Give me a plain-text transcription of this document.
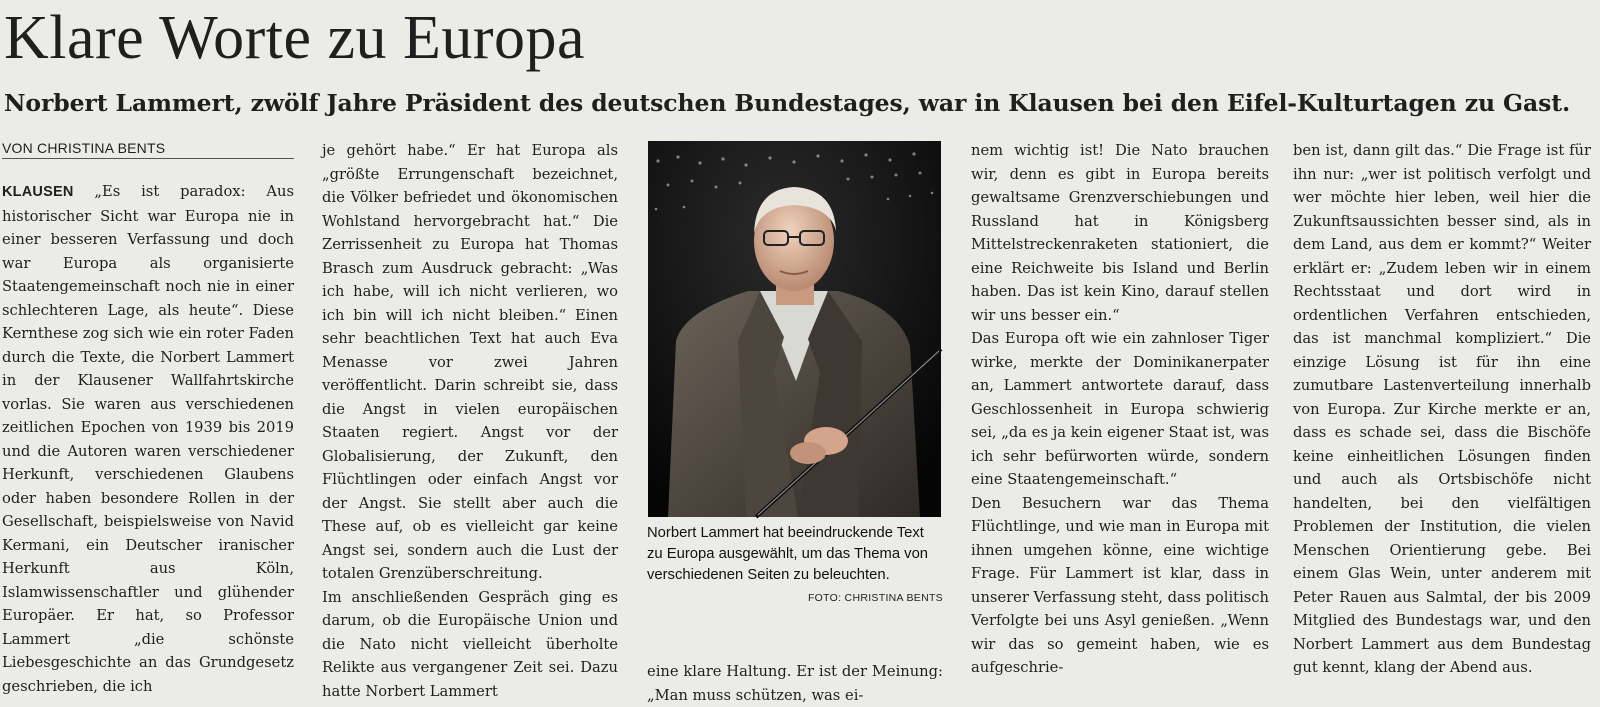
Klare Worte zu Europa
Norbert Lammert, zwölf Jahre Präsident des deutschen Bundestages, war in Klausen bei den Eifel-Kulturtagen zu Gast.
VON CHRISTINA BENTS

KLAUSEN „Es ist paradox: Aus historischer Sicht war Europa nie in einer besseren Verfassung und doch war Europa als organisierte Staatengemeinschaft noch nie in einer schlechteren Lage, als heute“. Diese Kernthese zog sich wie ein roter Faden durch die Texte, die Norbert Lammert in der Klausener Wallfahrtskirche vorlas. Sie waren aus verschiedenen zeitlichen Epochen von 1939 bis 2019 und die Autoren waren verschiedener Herkunft, verschiedenen Glaubens oder haben besondere Rollen in der Gesellschaft, beispielsweise von Navid Kermani, ein Deutscher iranischer Herkunft aus Köln, Islamwissenschaftler und glühender Europäer. Er hat, so Professor Lammert „die schönste Liebesgeschichte an das Grundgesetz geschrieben, die ich

je gehört habe.“ Er hat Europa als „größte Errungenschaft bezeichnet, die Völker befriedet und ökonomischen Wohlstand hervorgebracht hat.“ Die Zerrissenheit zu Europa hat Thomas Brasch zum Ausdruck gebracht: „Was ich habe, will ich nicht verlieren, wo ich bin will ich nicht bleiben.“ Einen sehr beachtlichen Text hat auch Eva Menasse vor zwei Jahren veröffentlicht. Darin schreibt sie, dass die Angst in vielen europäischen Staaten regiert. Angst vor der Globalisierung, der Zukunft, den Flüchtlingen oder einfach Angst vor der Angst. Sie stellt aber auch die These auf, ob es vielleicht gar keine Angst sei, sondern auch die Lust der totalen Grenzüberschreitung.

Im anschließenden Gespräch ging es darum, ob die Europäische Union und die Nato nicht vielleicht überholte Relikte aus vergangener Zeit sei. Dazu hatte Norbert Lammert

Norbert Lammert hat beeindruckende Text zu Europa ausgewählt, um das Thema von verschiedenen Seiten zu beleuchten.
FOTO: CHRISTINA BENTS

eine klare Haltung. Er ist der Meinung: „Man muss schützen, was ei-

nem wichtig ist! Die Nato brauchen wir, denn es gibt in Europa bereits gewaltsame Grenzverschiebungen und Russland hat in Königsberg Mittelstreckenraketen stationiert, die eine Reichweite bis Island und Berlin haben. Das ist kein Kino, darauf stellen wir uns besser ein.“

Das Europa oft wie ein zahnloser Tiger wirke, merkte der Dominikanerpater an, Lammert antwortete darauf, dass Geschlossenheit in Europa schwierig sei, „da es ja kein eigener Staat ist, was ich sehr befürworten würde, sondern eine Staatengemeinschaft.“

Den Besuchern war das Thema Flüchtlinge, und wie man in Europa mit ihnen umgehen könne, eine wichtige Frage. Für Lammert ist klar, dass in unserer Verfassung steht, dass politisch Verfolgte bei uns Asyl genießen. „Wenn wir das so gemeint haben, wie es aufgeschrie-

ben ist, dann gilt das.“ Die Frage ist für ihn nur: „wer ist politisch verfolgt und wer möchte hier leben, weil hier die Zukunftsaussichten besser sind, als in dem Land, aus dem er kommt?“ Weiter erklärt er: „Zudem leben wir in einem Rechtsstaat und dort wird in ordentlichen Verfahren entschieden, das ist manchmal kompliziert.“ Die einzige Lösung ist für ihn eine zumutbare Lastenverteilung innerhalb von Europa. Zur Kirche merkte er an, dass es schade sei, dass die Bischöfe keine einheitlichen Lösungen finden und auch als Ortsbischöfe nicht handelten, bei den vielfältigen Problemen der Institution, die vielen Menschen Orientierung gebe. Bei einem Glas Wein, unter anderem mit Peter Rauen aus Salmtal, der bis 2009 Mitglied des Bundestags war, und den Norbert Lammert aus dem Bundestag gut kennt, klang der Abend aus.
